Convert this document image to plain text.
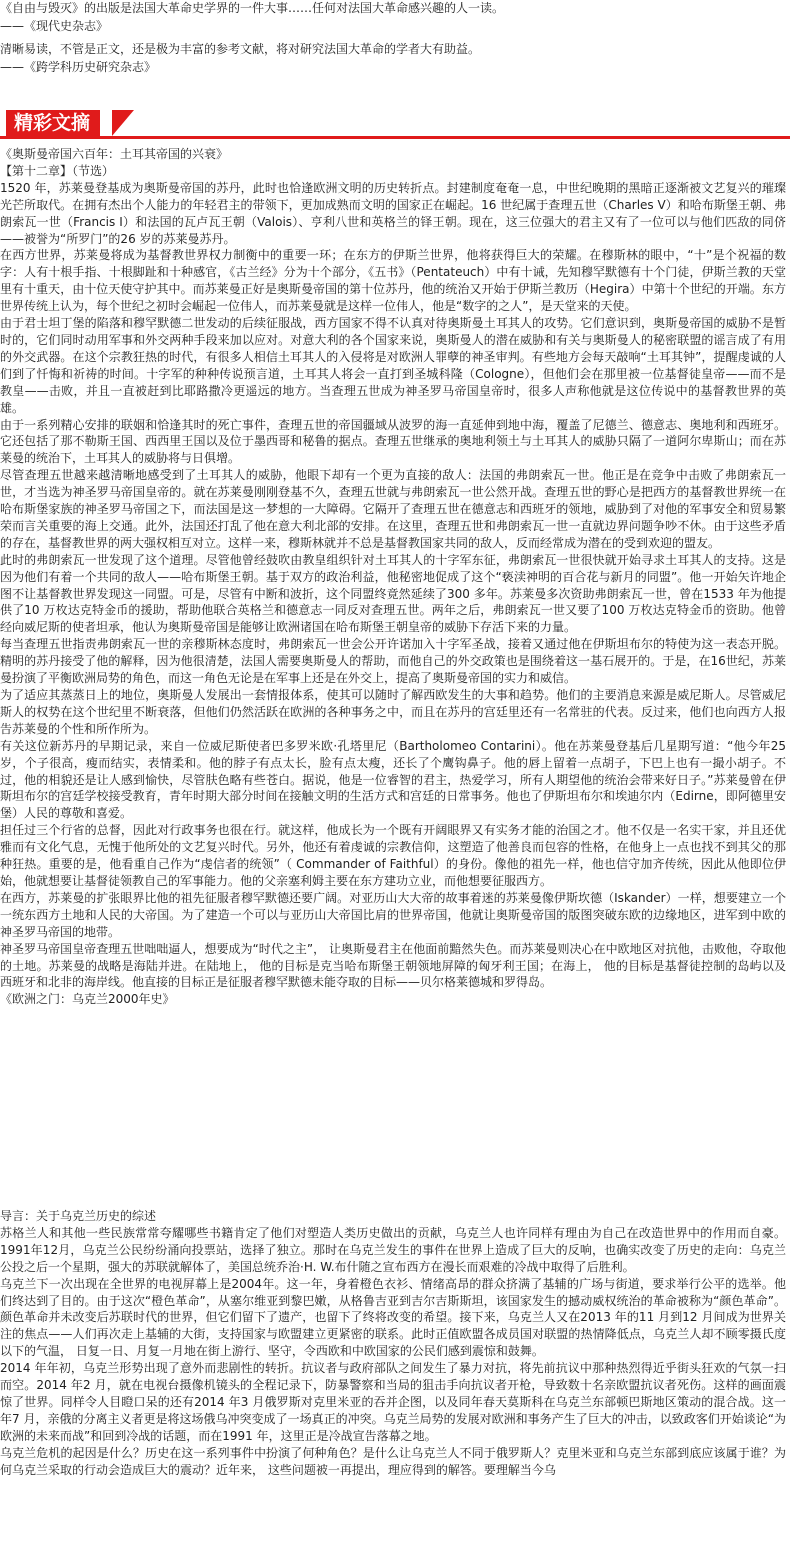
《自由与毁灭》的出版是法国大革命史学界的一件大事……任何对法国大革命感兴趣的人一读。

——《现代史杂志》

清晰易读，不管是正文，还是极为丰富的参考文献，将对研究法国大革命的学者大有助益。

——《跨学科历史研究杂志》

精彩文摘

《奥斯曼帝国六百年：土耳其帝国的兴衰》

【第十二章】（节选）

1520 年，苏莱曼登基成为奥斯曼帝国的苏丹，此时也恰逢欧洲文明的历史转折点。封建制度奄奄一息，中世纪晚期的黑暗正逐渐被文艺复兴的璀璨光芒所取代。在拥有杰出个人能力的年轻君主的带领下，更加成熟而文明的国家正在崛起。16 世纪属于查理五世（Charles V）和哈布斯堡王朝、弗朗索瓦一世（Francis I）和法国的瓦卢瓦王朝（Valois）、亨利八世和英格兰的铎王朝。现在，这三位强大的君主又有了一位可以与他们匹敌的同侪——被誉为“所罗门”的26 岁的苏莱曼苏丹。

在西方世界，苏莱曼将成为基督教世界权力制衡中的重要一环；在东方的伊斯兰世界，他将获得巨大的荣耀。在穆斯林的眼中，“十”是个祝福的数字：人有十根手指、十根脚趾和十种感官，《古兰经》分为十个部分，《五书》（Pentateuch）中有十诫，先知穆罕默德有十个门徒，伊斯兰教的天堂里有十重天，由十位天使守护其中。而苏莱曼正好是奥斯曼帝国的第十位苏丹，他的统治又开始于伊斯兰教历（Hegira）中第十个世纪的开端。东方世界传统上认为，每个世纪之初时会崛起一位伟人，而苏莱曼就是这样一位伟人，他是“数字的之人”，是天堂来的天使。

由于君士坦丁堡的陷落和穆罕默德二世发动的后续征服战，西方国家不得不认真对待奥斯曼土耳其人的攻势。它们意识到，奥斯曼帝国的威胁不是暂时的，它们同时动用军事和外交两种手段来加以应对。对意大利的各个国家来说，奥斯曼人的潜在威胁和有关与奥斯曼人的秘密联盟的谣言成了有用的外交武器。在这个宗教狂热的时代，有很多人相信土耳其人的入侵将是对欧洲人罪孽的神圣审判。有些地方会每天敲响“土耳其钟”，提醒虔诚的人们到了忏悔和祈祷的时间。十字军的种种传说预言道，土耳其人将会一直打到圣城科隆（Cologne），但他们会在那里被一位基督徒皇帝——而不是教皇——击败，并且一直被赶到比耶路撒冷更遥远的地方。当查理五世成为神圣罗马帝国皇帝时，很多人声称他就是这位传说中的基督教世界的英雄。

由于一系列精心安排的联姻和恰逢其时的死亡事件，查理五世的帝国疆域从波罗的海一直延伸到地中海，覆盖了尼德兰、德意志、奥地利和西班牙。它还包括了那不勒斯王国、西西里王国以及位于墨西哥和秘鲁的据点。查理五世继承的奥地利领土与土耳其人的威胁只隔了一道阿尔卑斯山；而在苏莱曼的统治下，土耳其人的威胁将与日俱增。

尽管查理五世越来越清晰地感受到了土耳其人的威胁，他眼下却有一个更为直接的敌人：法国的弗朗索瓦一世。他正是在竞争中击败了弗朗索瓦一世，才当选为神圣罗马帝国皇帝的。就在苏莱曼刚刚登基不久，查理五世就与弗朗索瓦一世公然开战。查理五世的野心是把西方的基督教世界统一在哈布斯堡家族的神圣罗马帝国之下，而法国是这一梦想的一大障碍。它隔开了查理五世在德意志和西班牙的领地，威胁到了对他的军事安全和贸易繁荣而言关重要的海上交通。此外，法国还打乱了他在意大利北部的安排。在这里，查理五世和弗朗索瓦一世一直就边界问题争吵不休。由于这些矛盾的存在，基督教世界的两大强权相互对立。这样一来，穆斯林就并不总是基督教国家共同的敌人，反而经常成为潜在的受到欢迎的盟友。

此时的弗朗索瓦一世发现了这个道理。尽管他曾经鼓吹由教皇组织针对土耳其人的十字军东征，弗朗索瓦一世很快就开始寻求土耳其人的支持。这是因为他们有着一个共同的敌人——哈布斯堡王朝。基于双方的政治利益，他秘密地促成了这个“亵渎神明的百合花与新月的同盟”。他一开始矢许地企图不让基督教世界发现这一同盟。可是，尽管有中断和波折，这个同盟终竟然延续了300 多年。苏莱曼多次资助弗朗索瓦一世，曾在1533 年为他提供了10 万枚达克特金币的援助，帮助他联合英格兰和德意志一同反对查理五世。两年之后，弗朗索瓦一世又要了100 万枚达克特金币的资助。他曾经向威尼斯的使者坦承，他认为奥斯曼帝国是能够让欧洲诸国在哈布斯堡王朝皇帝的威胁下存活下来的力量。

每当查理五世指责弗朗索瓦一世的亲穆斯林态度时，弗朗索瓦一世会公开许诺加入十字军圣战，接着又通过他在伊斯坦布尔的特使为这一表态开脱。精明的苏丹接受了他的解释，因为他很清楚，法国人需要奥斯曼人的帮助，而他自己的外交政策也是围绕着这一基石展开的。于是，在16世纪，苏莱曼扮演了平衡欧洲局势的角色，而这一角色无论是在军事上还是在外交上，提高了奥斯曼帝国的实力和威信。

为了适应其蒸蒸日上的地位，奥斯曼人发展出一套情报体系，使其可以随时了解西欧发生的大事和趋势。他们的主要消息来源是威尼斯人。尽管威尼斯人的权势在这个世纪里不断衰落，但他们仍然活跃在欧洲的各种事务之中，而且在苏丹的宫廷里还有一名常驻的代表。反过来，他们也向西方人报告苏莱曼的个性和所作所为。

有关这位新苏丹的早期记录，来自一位威尼斯使者巴多罗米欧·孔塔里尼（Bartholomeo Contarini）。他在苏莱曼登基后几星期写道：“他今年25岁，个子很高，瘦而结实，表情柔和。他的脖子有点太长，脸有点太瘦，还长了个鹰钩鼻子。他的唇上留着一点胡子，下巴上也有一撮小胡子。不过，他的相貌还是让人感到愉快，尽管肤色略有些苍白。据说，他是一位睿智的君主，热爱学习，所有人期望他的统治会带来好日子。”苏莱曼曾在伊斯坦布尔的宫廷学校接受教育，青年时期大部分时间在接触文明的生活方式和宫廷的日常事务。他也了伊斯坦布尔和埃迪尔内（Edirne，即阿德里安堡）人民的尊敬和喜爱。

担任过三个行省的总督，因此对行政事务也很在行。就这样，他成长为一个既有开阔眼界又有实务才能的治国之才。他不仅是一名实干家，并且还优雅而有文化气息，无愧于他所处的文艺复兴时代。另外，他还有着虔诚的宗教信仰，这塑造了他善良而包容的性格，在他身上一点也找不到其父的那种狂热。重要的是，他看重自己作为“虔信者的统领”（ Commander of Faithful）的身份。像他的祖先一样，他也信守加齐传统，因此从他即位伊始，他就想要让基督徒领教自己的军事能力。他的父亲塞利姆主要在东方建功立业，而他想要征服西方。

在西方，苏莱曼的扩张眼界比他的祖先征服者穆罕默德还要广阔。对亚历山大大帝的故事着迷的苏莱曼像伊斯坎德（Iskander）一样，想要建立一个一统东西方土地和人民的大帝国。为了建造一个可以与亚历山大帝国比肩的世界帝国，他就让奥斯曼帝国的版图突破东欧的边缘地区，进军到中欧的神圣罗马帝国的地带。

神圣罗马帝国皇帝查理五世咄咄逼人，想要成为“时代之主”， 让奥斯曼君主在他面前黯然失色。而苏莱曼则决心在中欧地区对抗他，击败他，夺取他的土地。苏莱曼的战略是海陆并进。在陆地上， 他的目标是克当哈布斯堡王朝领地屏障的匈牙利王国；在海上， 他的目标是基督徒控制的岛屿以及西班牙和北非的海岸线。他直接的目标正是征服者穆罕默德未能夺取的目标——贝尔格莱德城和罗得岛。

《欧洲之门：乌克兰2000年史》

导言：关于乌克兰历史的综述

苏格兰人和其他一些民族常常夸耀哪些书籍肯定了他们对塑造人类历史做出的贡献，乌克兰人也许同样有理由为自己在改造世界中的作用而自豪。1991年12月，乌克兰公民纷纷涌向投票站，选择了独立。那时在乌克兰发生的事件在世界上造成了巨大的反响，也确实改变了历史的走向：乌克兰公投之后一个星期，强大的苏联就解体了，美国总统乔治·H. W.布什随之宣布西方在漫长而艰难的冷战中取得了后胜利。

乌克兰下一次出现在全世界的电视屏幕上是2004年。这一年，身着橙色衣衫、情绪高昂的群众挤满了基辅的广场与街道，要求举行公平的选举。他们终达到了目的。由于这次“橙色革命”，从塞尔维亚到黎巴嫩，从格鲁吉亚到吉尔吉斯斯坦，该国家发生的撼动威权统治的革命被称为“颜色革命”。颜色革命并未改变后苏联时代的世界，但它们留下了遗产，也留下了终将改变的希望。接下来，乌克兰人又在2013 年的11 月到12 月间成为世界关注的焦点——人们再次走上基辅的大街，支持国家与欧盟建立更紧密的联系。此时正值欧盟各成员国对联盟的热情降低点，乌克兰人却不顾零摄氏度以下的气温， 日复一日、月复一月地在街上游行、坚守，令西欧和中欧国家的公民们感到震惊和鼓舞。

2014 年年初，乌克兰形势出现了意外而悲剧性的转折。抗议者与政府部队之间发生了暴力对抗，将先前抗议中那种热烈得近乎街头狂欢的气氛一扫而空。2014 年2 月，就在电视台摄像机镜头的全程记录下，防暴警察和当局的狙击手向抗议者开枪，导致数十名亲欧盟抗议者死伤。这样的画面震惊了世界。同样令人目瞪口呆的还有2014 年3 月俄罗斯对克里米亚的吞并企图，以及同年春天莫斯科在乌克兰东部顿巴斯地区策动的混合战。这一年7 月，亲俄的分离主义者更是将这场俄乌冲突变成了一场真正的冲突。乌克兰局势的发展对欧洲和事务产生了巨大的冲击，以致政客们开始谈论“为欧洲的未来而战”和回到冷战的话题，而在1991 年，这里正是冷战宣告落幕之地。

乌克兰危机的起因是什么？历史在这一系列事件中扮演了何种角色？是什么让乌克兰人不同于俄罗斯人？克里米亚和乌克兰东部到底应该属于谁？为何乌克兰采取的行动会造成巨大的震动？近年来， 这些问题被一再提出，理应得到的解答。要理解当今乌
